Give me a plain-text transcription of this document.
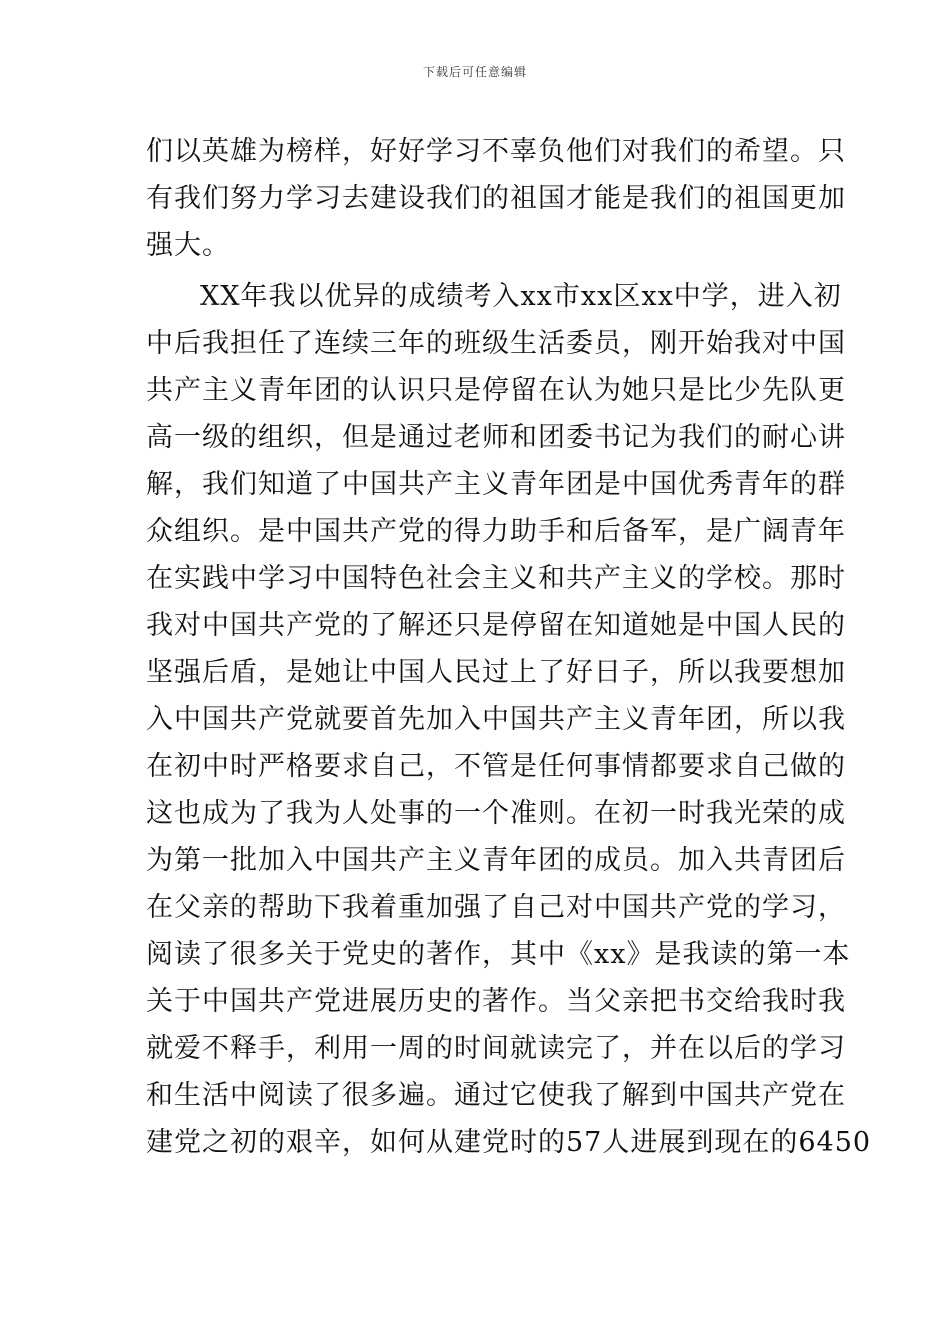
下载后可任意编辑
们以英雄为榜样，好好学习不辜负他们对我们的希望。只
有我们努力学习去建设我们的祖国才能是我们的祖国更加
强大。
XX年我以优异的成绩考入xx市xx区xx中学，进入初
中后我担任了连续三年的班级生活委员，刚开始我对中国
共产主义青年团的认识只是停留在认为她只是比少先队更
高一级的组织，但是通过老师和团委书记为我们的耐心讲
解，我们知道了中国共产主义青年团是中国优秀青年的群
众组织。是中国共产党的得力助手和后备军，是广阔青年
在实践中学习中国特色社会主义和共产主义的学校。那时
我对中国共产党的了解还只是停留在知道她是中国人民的
坚强后盾，是她让中国人民过上了好日子，所以我要想加
入中国共产党就要首先加入中国共产主义青年团，所以我
在初中时严格要求自己，不管是任何事情都要求自己做的
这也成为了我为人处事的一个准则。在初一时我光荣的成
为第一批加入中国共产主义青年团的成员。加入共青团后
在父亲的帮助下我着重加强了自己对中国共产党的学习，
阅读了很多关于党史的著作，其中《xx》是我读的第一本
关于中国共产党进展历史的著作。当父亲把书交给我时我
就爱不释手，利用一周的时间就读完了，并在以后的学习
和生活中阅读了很多遍。通过它使我了解到中国共产党在
建党之初的艰辛，如何从建党时的57人进展到现在的6450
